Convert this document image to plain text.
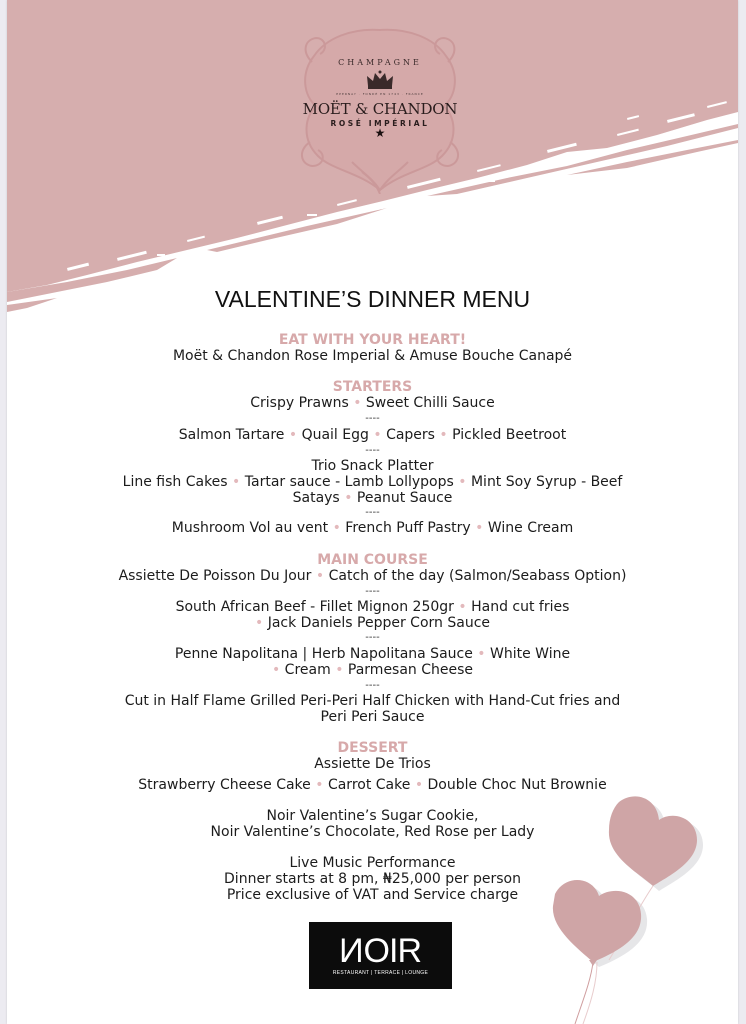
CHAMPAGNE
EPERNAY · FONDÉ EN 1743 · FRANCE
MOËT & CHANDON
ROSÉ IMPÉRIAL
★
VALENTINE’S DINNER MENU
EAT WITH YOUR HEART!
Moët & Chandon Rose Imperial & Amuse Bouche Canapé
STARTERS
Crispy Prawns • Sweet Chilli Sauce
----
Salmon Tartare • Quail Egg • Capers • Pickled Beetroot
----
Trio Snack Platter
Line fish Cakes • Tartar sauce - Lamb Lollypops • Mint Soy Syrup - Beef
Satays • Peanut Sauce
----
Mushroom Vol au vent • French Puff Pastry • Wine Cream
MAIN COURSE
Assiette De Poisson Du Jour • Catch of the day (Salmon/Seabass Option)
----
South African Beef - Fillet Mignon 250gr • Hand cut fries
• Jack Daniels Pepper Corn Sauce
----
Penne Napolitana | Herb Napolitana Sauce • White Wine
• Cream • Parmesan Cheese
----
Cut in Half Flame Grilled Peri-Peri Half Chicken with Hand-Cut fries and
Peri Peri Sauce
DESSERT
Assiette De Trios
Strawberry Cheese Cake • Carrot Cake • Double Choc Nut Brownie
Noir Valentine’s Sugar Cookie,
Noir Valentine’s Chocolate, Red Rose per Lady
Live Music Performance
Dinner starts at 8 pm, ₦25,000 per person
Price exclusive of VAT and Service charge
NOIR
RESTAURANT | TERRACE | LOUNGE
